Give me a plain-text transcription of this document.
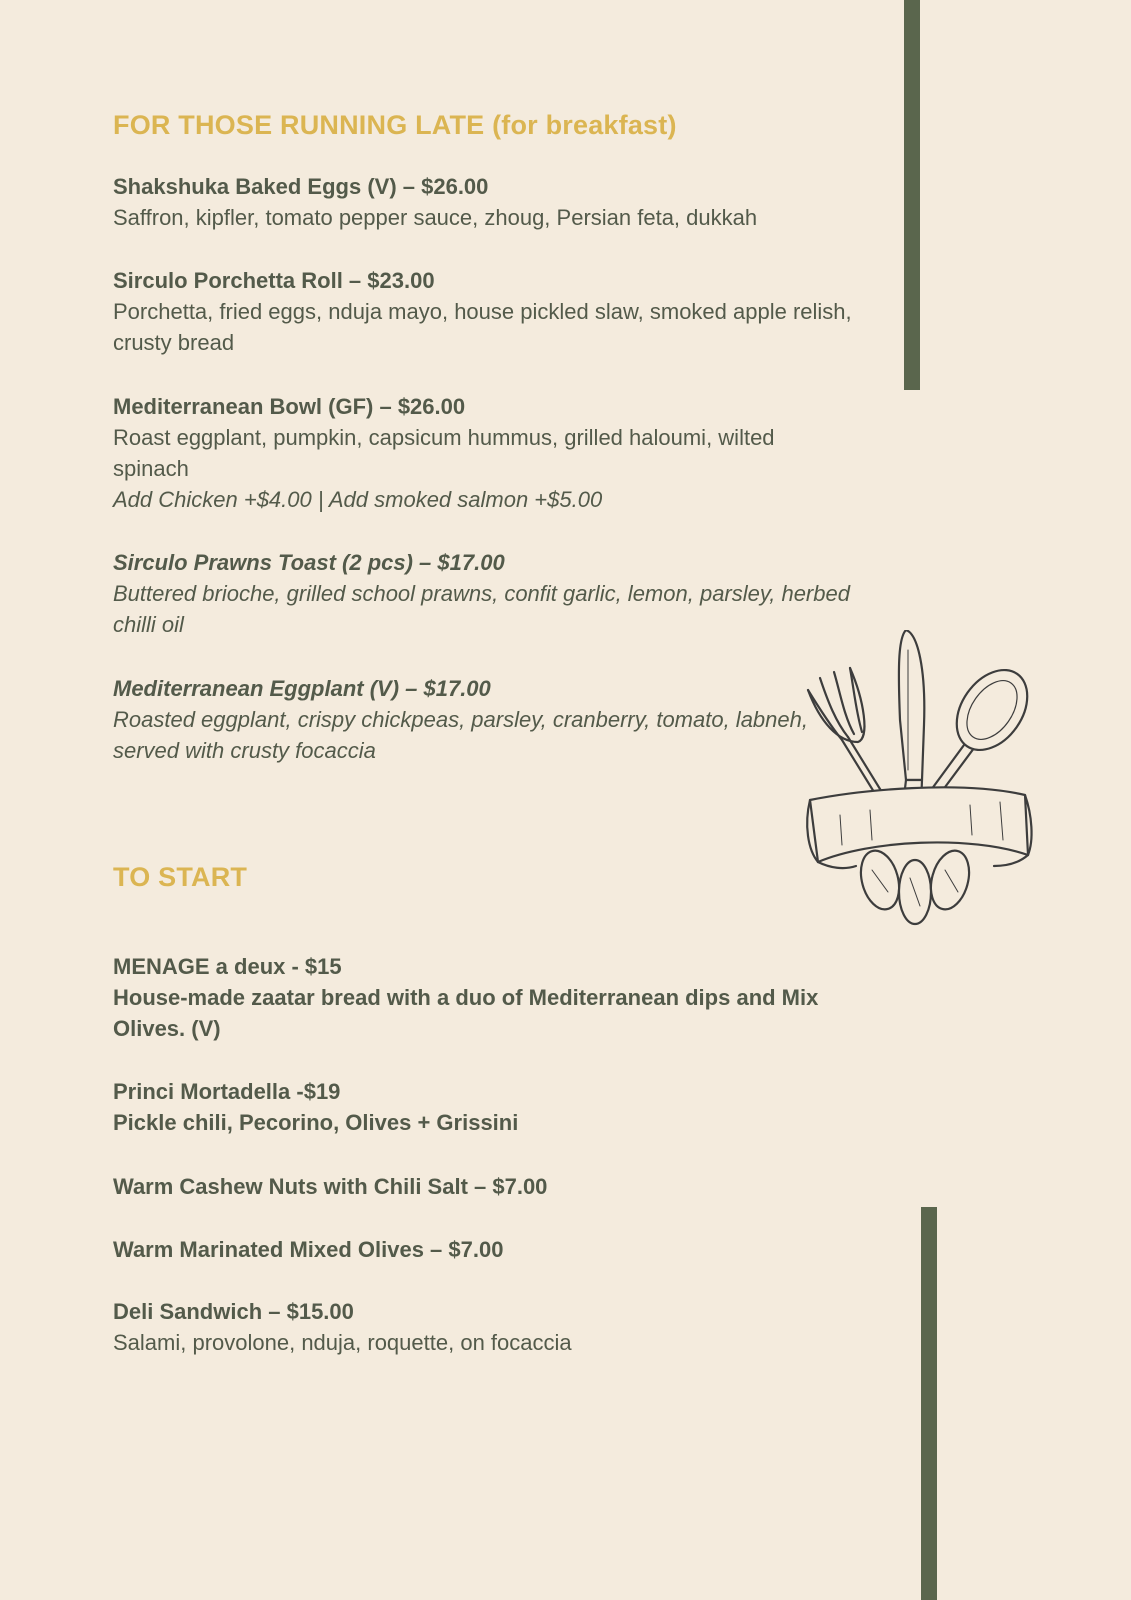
FOR THOSE RUNNING LATE (for breakfast)
Shakshuka Baked Eggs (V) – $26.00
Saffron, kipfler, tomato pepper sauce, zhoug, Persian feta, dukkah
Sirculo Porchetta Roll – $23.00
Porchetta, fried eggs, nduja mayo, house pickled slaw, smoked apple relish, crusty bread
Mediterranean Bowl (GF) – $26.00
Roast eggplant, pumpkin, capsicum hummus, grilled haloumi, wilted spinach
Add Chicken +$4.00 | Add smoked salmon +$5.00
Sirculo Prawns Toast (2 pcs) – $17.00
Buttered brioche, grilled school prawns, confit garlic, lemon, parsley, herbed chilli oil
Mediterranean Eggplant (V) – $17.00
Roasted eggplant, crispy chickpeas, parsley, cranberry, tomato, labneh, served with crusty focaccia
TO START
MENAGE a deux - $15
House-made zaatar bread with a duo of Mediterranean dips and Mix Olives. (V)
Princi Mortadella -$19
Pickle chili, Pecorino, Olives + Grissini
Warm Cashew Nuts with Chili Salt – $7.00
Warm Marinated Mixed Olives – $7.00
Deli Sandwich – $15.00
Salami, provolone, nduja, roquette, on focaccia
